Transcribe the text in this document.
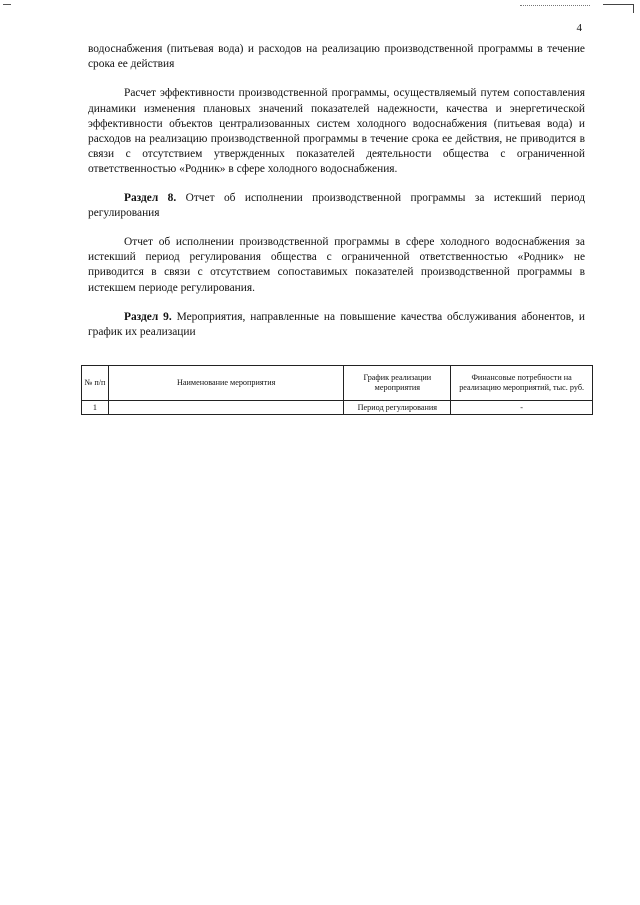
4

водоснабжения (питьевая вода) и расходов на реализацию производственной программы в течение срока ее действия

Расчет эффективности производственной программы, осуществляемый путем сопоставления динамики изменения плановых значений показателей надежности, качества и энергетической эффективности объектов централизованных систем холодного водоснабжения (питьевая вода) и расходов на реализацию производственной программы в течение срока ее действия, не приводится в связи с отсутствием утвержденных показателей деятельности общества с ограниченной ответственностью «Родник» в сфере холодного водоснабжения.

Раздел 8. Отчет об исполнении производственной программы за истекший период регулирования

Отчет об исполнении производственной программы в сфере холодного водоснабжения за истекший период регулирования общества с ограниченной ответственностью «Родник» не приводится в связи с отсутствием сопоставимых показателей производственной программы в истекшем периоде регулирования.

Раздел 9. Мероприятия, направленные на повышение качества обслуживания абонентов, и график их реализации

№ п/п	Наименование мероприятия	График реализации мероприятия	Финансовые потребности на реализацию мероприятий, тыс. руб.
1		Период регулирования	-
